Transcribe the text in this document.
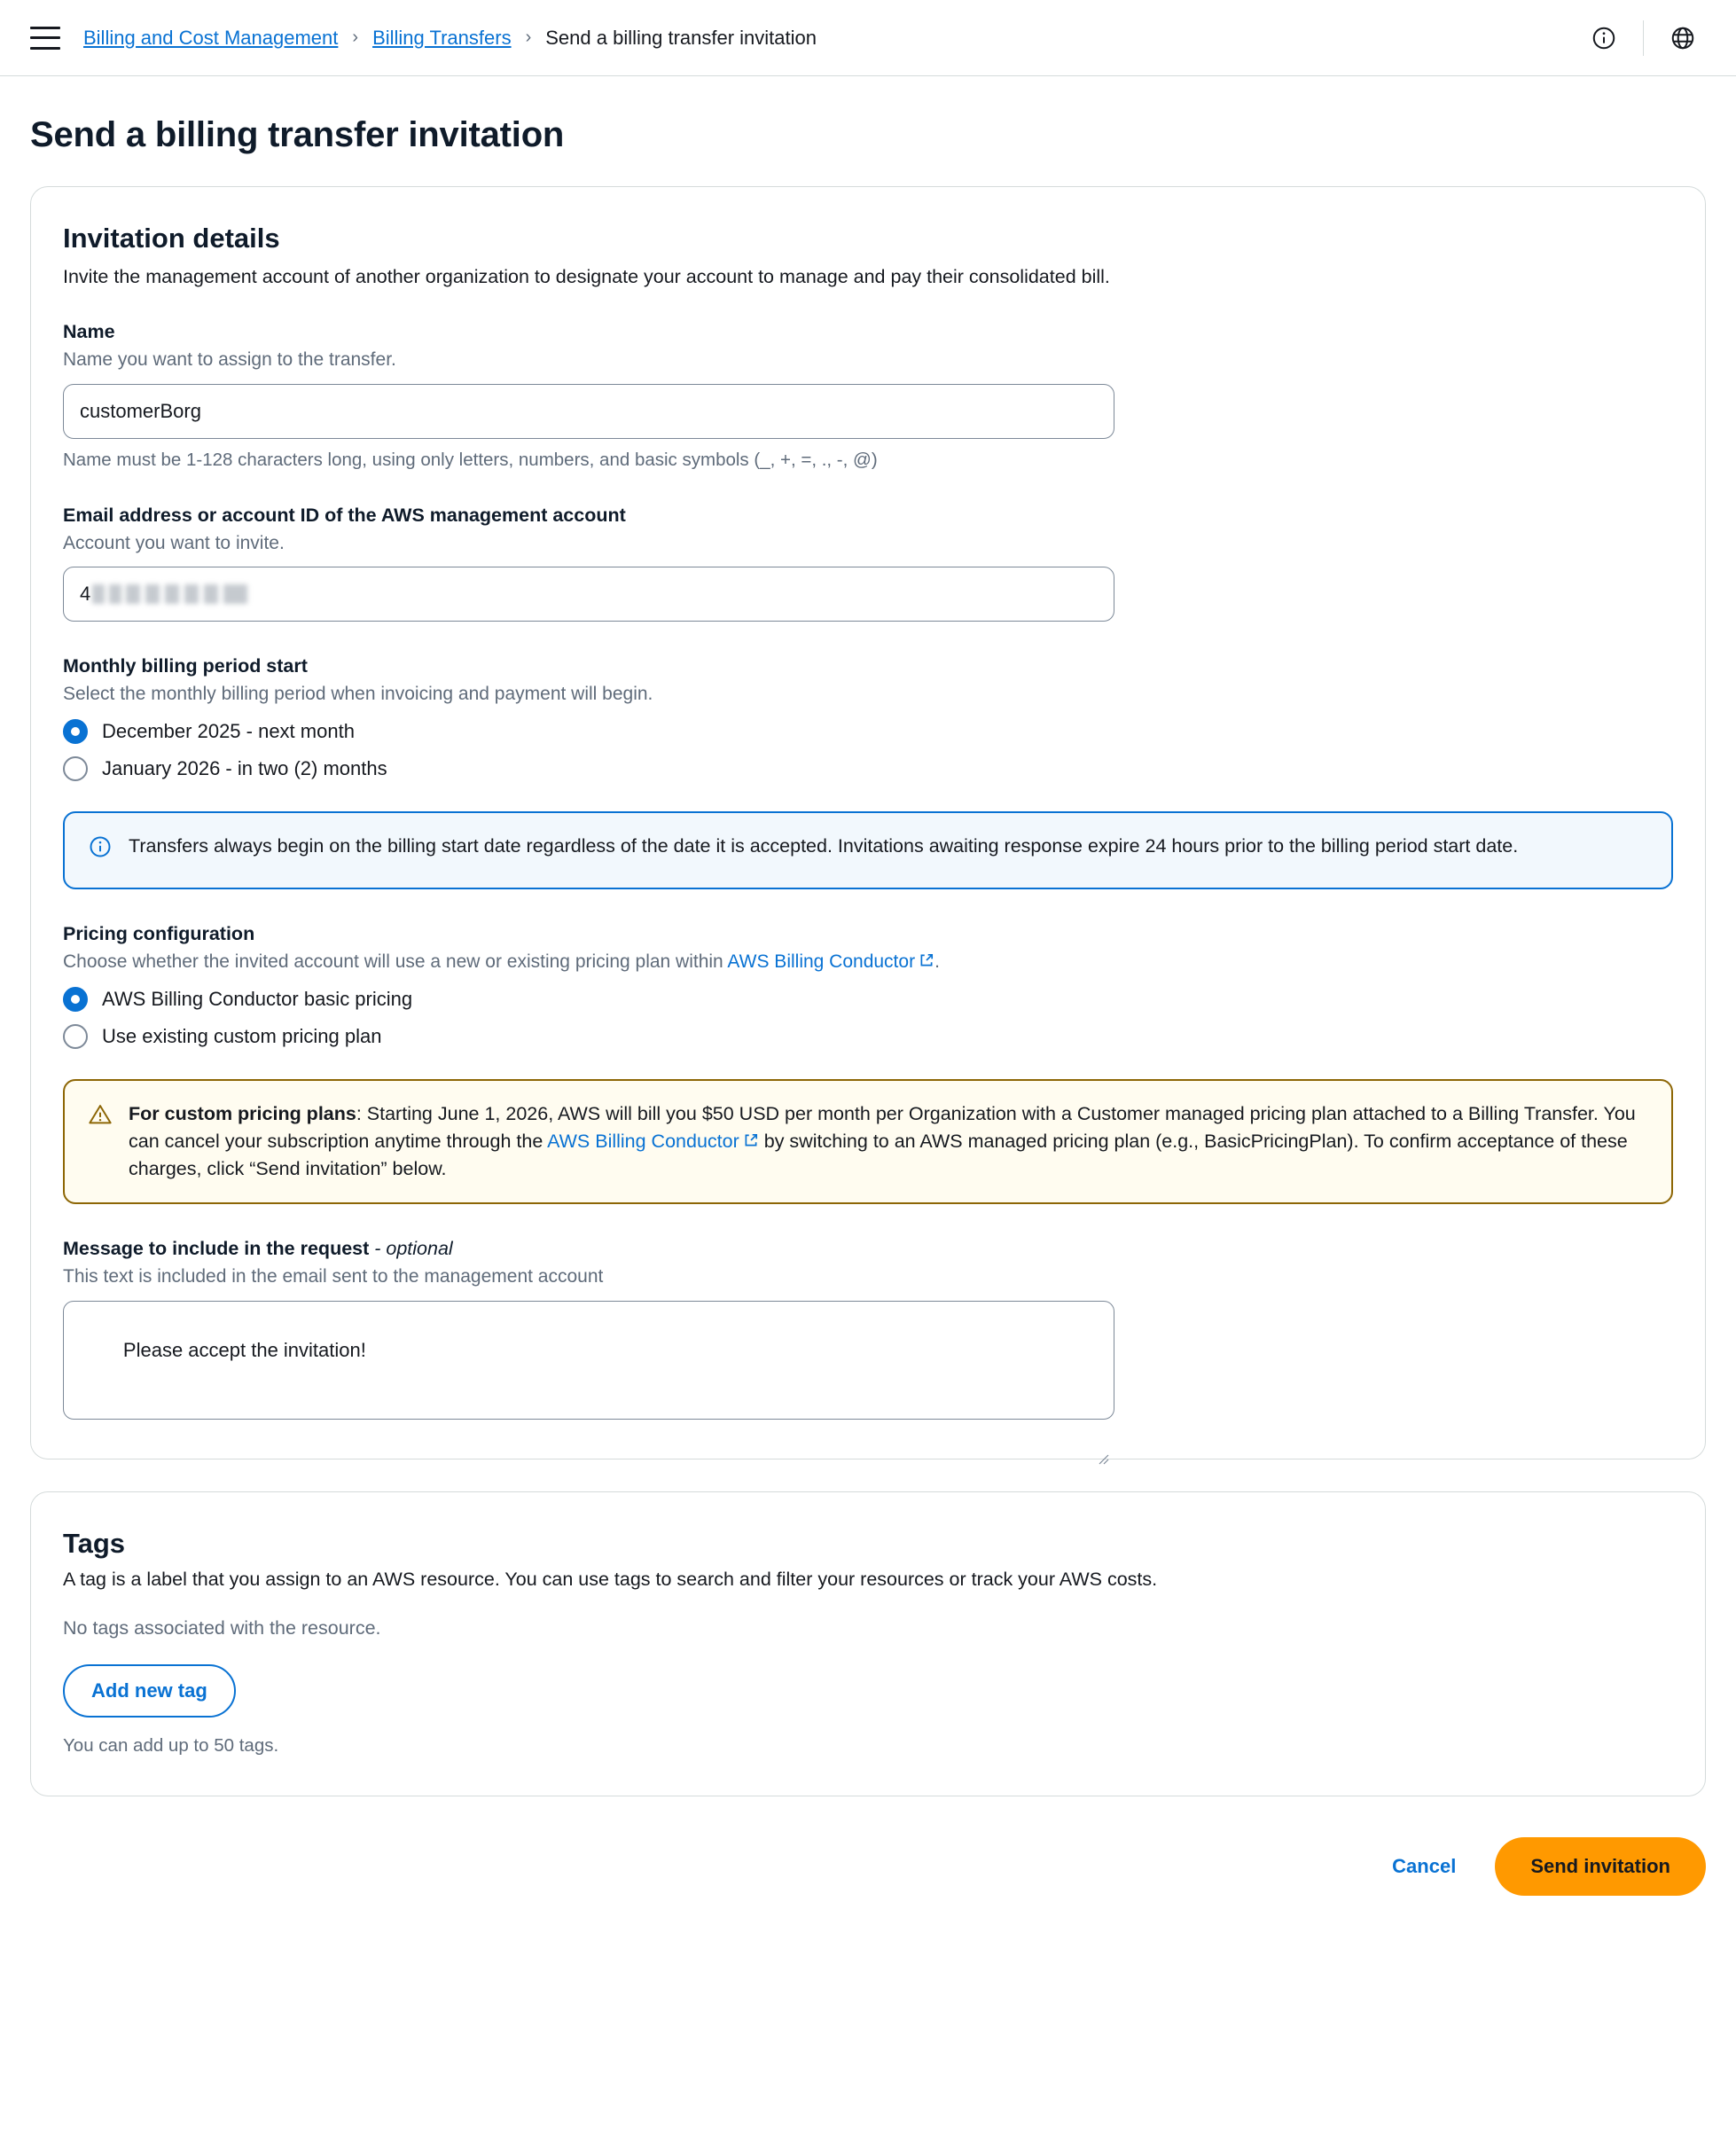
Billing and Cost Management › Billing Transfers › Send a billing transfer invitation
Send a billing transfer invitation
Invitation details

Invite the management account of another organization to designate your account to manage and pay their consolidated bill.

Name
Name you want to assign to the transfer.
customerBorg
Name must be 1-128 characters long, using only letters, numbers, and basic symbols (_, +, =, ., -, @)
Email address or account ID of the AWS management account
Account you want to invite.
4
Monthly billing period start
Select the monthly billing period when invoicing and payment will begin.
December 2025 - next month
January 2026 - in two (2) months
Transfers always begin on the billing start date regardless of the date it is accepted. Invitations awaiting response expire 24 hours prior to the billing period start date.
Pricing configuration
Choose whether the invited account will use a new or existing pricing plan within AWS Billing Conductor .
AWS Billing Conductor basic pricing
Use existing custom pricing plan
For custom pricing plans: Starting June 1, 2026, AWS will bill you $50 USD per month per Organization with a Customer managed pricing plan attached to a Billing Transfer. You can cancel your subscription anytime through the AWS Billing Conductor by switching to an AWS managed pricing plan (e.g., BasicPricingPlan). To confirm acceptance of these charges, click “Send invitation” below.
Message to include in the request - optional
This text is included in the email sent to the management account

Please accept the invitation!

Tags

A tag is a label that you assign to an AWS resource. You can use tags to search and filter your resources or track your AWS costs.

No tags associated with the resource.

Add new tag
You can add up to 50 tags.
Cancel	Send invitation
